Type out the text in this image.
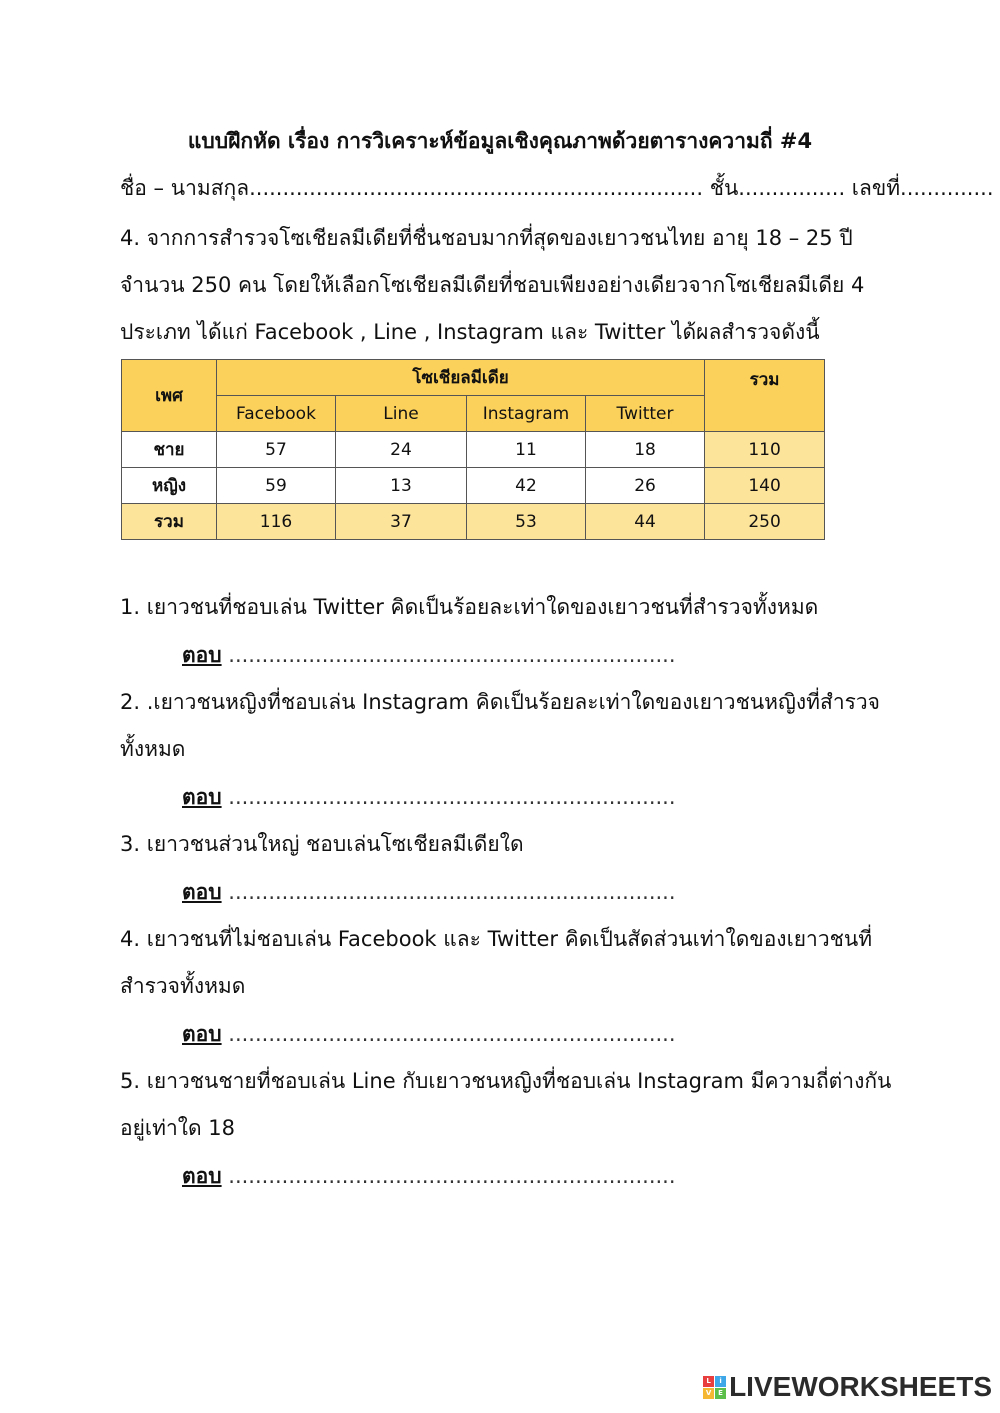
แบบฝึกหัด เรื่อง การวิเคราะห์ข้อมูลเชิงคุณภาพด้วยตารางความถี่ #4
ชื่อ – นามสกุล.................................................................... ชั้น................ เลขที่..............
4. จากการสำรวจโซเชียลมีเดียที่ชื่นชอบมากที่สุดของเยาวชนไทย อายุ 18 – 25 ปี
จำนวน 250 คน โดยให้เลือกโซเชียลมีเดียที่ชอบเพียงอย่างเดียวจากโซเชียลมีเดีย 4
ประเภท ได้แก่ Facebook , Line , Instagram และ Twitter ได้ผลสำรวจดังนี้
เพศ	โซเชียลมีเดีย				รวม
	Facebook	Line	Instagram	Twitter	
ชาย	57	24	11	18	110
หญิง	59	13	42	26	140
รวม	116	37	53	44	250
1. เยาวชนที่ชอบเล่น Twitter คิดเป็นร้อยละเท่าใดของเยาวชนที่สำรวจทั้งหมด
ตอบ ...................................................................
2. .เยาวชนหญิงที่ชอบเล่น Instagram คิดเป็นร้อยละเท่าใดของเยาวชนหญิงที่สำรวจ
ทั้งหมด
ตอบ ...................................................................
3. เยาวชนส่วนใหญ่ ชอบเล่นโซเชียลมีเดียใด
ตอบ ...................................................................
4. เยาวชนที่ไม่ชอบเล่น Facebook และ Twitter คิดเป็นสัดส่วนเท่าใดของเยาวชนที่
สำรวจทั้งหมด
ตอบ ...................................................................
5. เยาวชนชายที่ชอบเล่น Line กับเยาวชนหญิงที่ชอบเล่น Instagram มีความถี่ต่างกัน
อยู่เท่าใด 18
ตอบ ...................................................................
L	i
V E LIVEWORKSHEETS
